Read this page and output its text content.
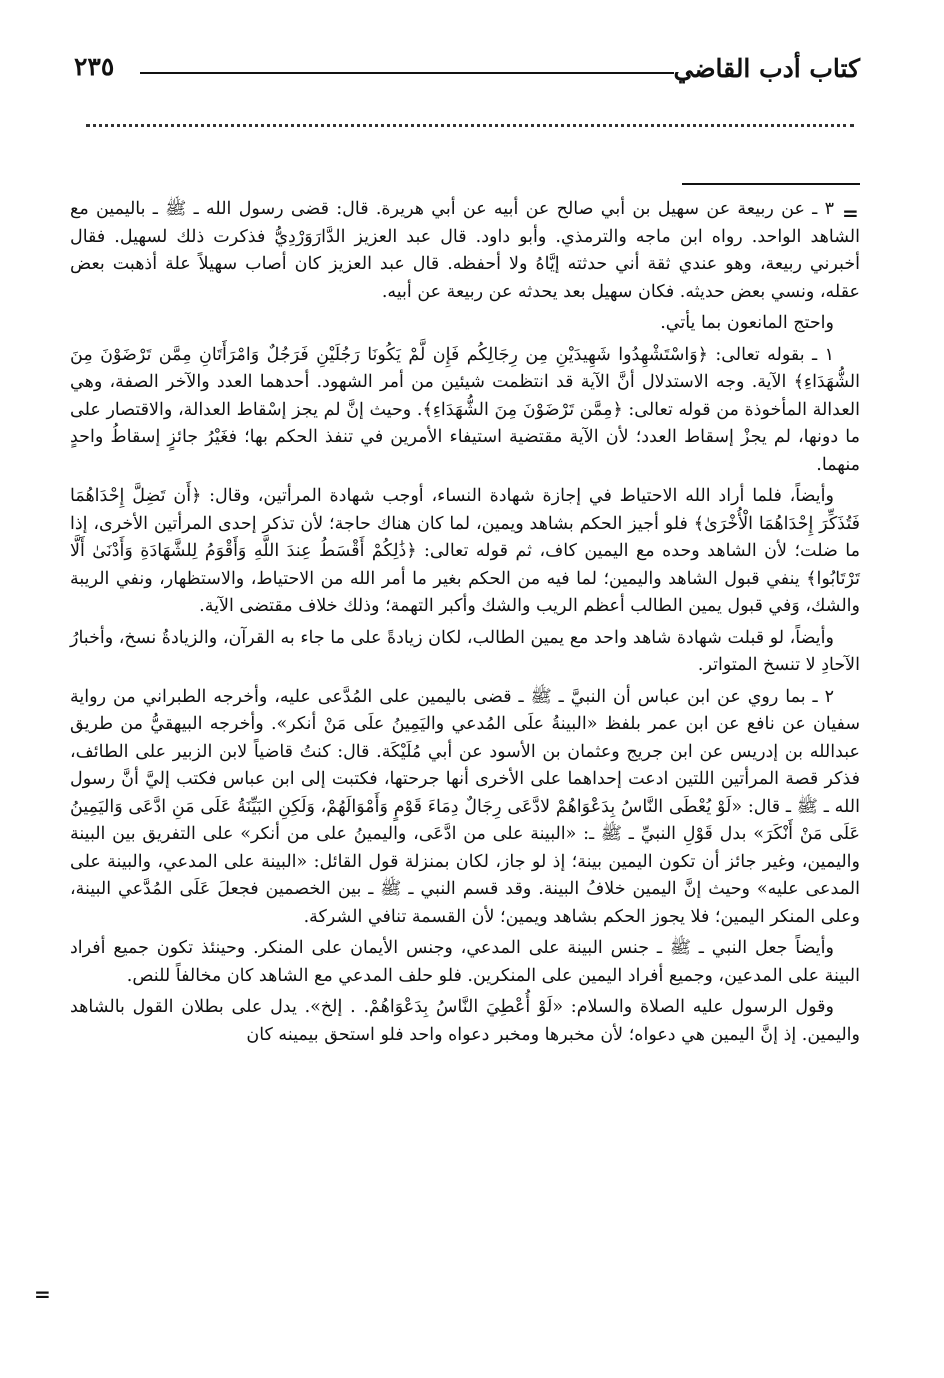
كتاب أدب القاضي
٢٣٥
=
=

٣ ـ عن ربيعة عن سهيل بن أبي صالح عن أبيه عن أبي هريرة. قال: قضى رسول الله ـ ﷺ ـ باليمين مع الشاهد الواحد. رواه ابن ماجه والترمذي. وأبو داود. قال عبد العزيز الدَّارَوَرْدِيُّ فذكرت ذلك لسهيل. فقال أخبرني ربيعة، وهو عندي ثقة أني حدثته إيَّاهُ ولا أحفظه. قال عبد العزيز كان أصاب سهيلاً علة أذهبت بعض عقله، ونسي بعض حديثه. فكان سهيل بعد يحدثه عن ربيعة عن أبيه.

واحتج المانعون بما يأتي.

١ ـ بقوله تعالى: ﴿وَاسْتَشْهِدُوا شَهِيدَيْنِ مِن رِجَالِكُم فَإِن لَّمْ يَكُونَا رَجُلَيْنِ فَرَجُلٌ وَامْرَأَتَانِ مِمَّن تَرْضَوْنَ مِنَ الشُّهَدَاءِ﴾ الآية. وجه الاستدلال أنَّ الآية قد انتظمت شيئين من أمر الشهود. أحدهما العدد والآخر الصفة، وهي العدالة المأخوذة من قوله تعالى: ﴿مِمَّن تَرْضَوْنَ مِنَ الشُّهَدَاءِ﴾. وحيث إنَّ لم يجز إسْقاط العدالة، والاقتصار على ما دونها، لم يجزْ إسقاط العدد؛ لأن الآية مقتضية استيفاء الأمرين في تنفذ الحكم بها؛ فغَيْرُ جائزٍ إسقاطُ واحدٍ منهما.

وأيضاً، فلما أراد الله الاحتياط في إجازة شهادة النساء، أوجب شهادة المرأتين، وقال: ﴿أَن تَضِلَّ إِحْدَاهُمَا فَتُذَكِّرَ إِحْدَاهُمَا الْأُخْرَىٰ﴾ فلو أجيز الحكم بشاهد ويمين، لما كان هناك حاجة؛ لأن تذكر إحدى المرأتين الأخرى، إذا ما ضلت؛ لأن الشاهد وحده مع اليمين كاف، ثم قوله تعالى: ﴿ذَٰلِكُمْ أَقْسَطُ عِندَ اللَّهِ وَأَقْوَمُ لِلشَّهَادَةِ وَأَدْنَىٰ أَلَّا تَرْتَابُوا﴾ ينفي قبول الشاهد واليمين؛ لما فيه من الحكم بغير ما أمر الله من الاحتياط، والاستظهار، ونفي الريبة والشك، وَفي قبول يمين الطالب أعظم الريب والشك وأكبر التهمة؛ وذلك خلاف مقتضى الآية.

وأيضاً، لو قبلت شهادة شاهد واحد مع يمين الطالب، لكان زيادةً على ما جاء به القرآن، والزيادةُ نسخ، وأخبارُ الآحادِ لا تنسخ المتواتر.

٢ ـ بما روي عن ابن عباس أن النبيَّ ـ ﷺ ـ قضى باليمين على المُدَّعى عليه، وأخرجه الطبراني من رواية سفيان عن نافع عن ابن عمر بلفظ «البينةُ علَى المُدعي واليَمِينُ علَى مَنْ أنكر». وأخرجه البيهقيُّ من طريق عبدالله بن إدريس عن ابن جريج وعثمان بن الأسود عن أبي مُلَيْكَة. قال: كنتُ قاضياً لابن الزبير على الطائف، فذكر قصة المرأتين اللتين ادعت إحداهما على الأخرى أنها جرحتها، فكتبت إلى ابن عباس فكتب إليَّ أنَّ رسول الله ـ ﷺ ـ قال: «لَوْ يُعْطَى النَّاسُ بِدَعْوَاهُمْ لادَّعَى رِجَالٌ دِمَاءَ قَوْمٍ وَأَمْوَالَهُمْ، وَلَكِنِ البَيِّنَةُ عَلَى مَنِ ادَّعَى وَاليَمِينُ عَلَى مَنْ أَنْكَرَ» بدل قَوْلِ النبيِّ ـ ﷺ ـ: «البينة على من ادَّعَى، واليمينُ على من أنكر» على التفريق بين البينة واليمين، وغير جائز أن تكون اليمين بينة؛ إذ لو جاز، لكان بمنزلة قول القائل: «البينة على المدعي، والبينة على المدعى عليه» وحيث إنَّ اليمين خلافُ البينة. وقد قسم النبي ـ ﷺ ـ بين الخصمين فجعلَ عَلَى المُدَّعي البينة، وعلى المنكر اليمين؛ فلا يجوز الحكم بشاهد ويمين؛ لأن القسمة تنافي الشركة.

وأيضاً جعل النبي ـ ﷺ ـ جنس البينة على المدعي، وجنس الأيمان على المنكر. وحينئذ تكون جميع أفراد البينة على المدعين، وجميع أفراد اليمين على المنكرين. فلو حلف المدعي مع الشاهد كان مخالفاً للنص.

وقول الرسول عليه الصلاة والسلام: «لَوْ أُعْطِيَ النَّاسُ بِدَعْوَاهُمْ. . إلخ». يدل على بطلان القول بالشاهد واليمين. إذ إنَّ اليمين هي دعواه؛ لأن مخبرها ومخبر دعواه واحد فلو استحق بيمينه كان
